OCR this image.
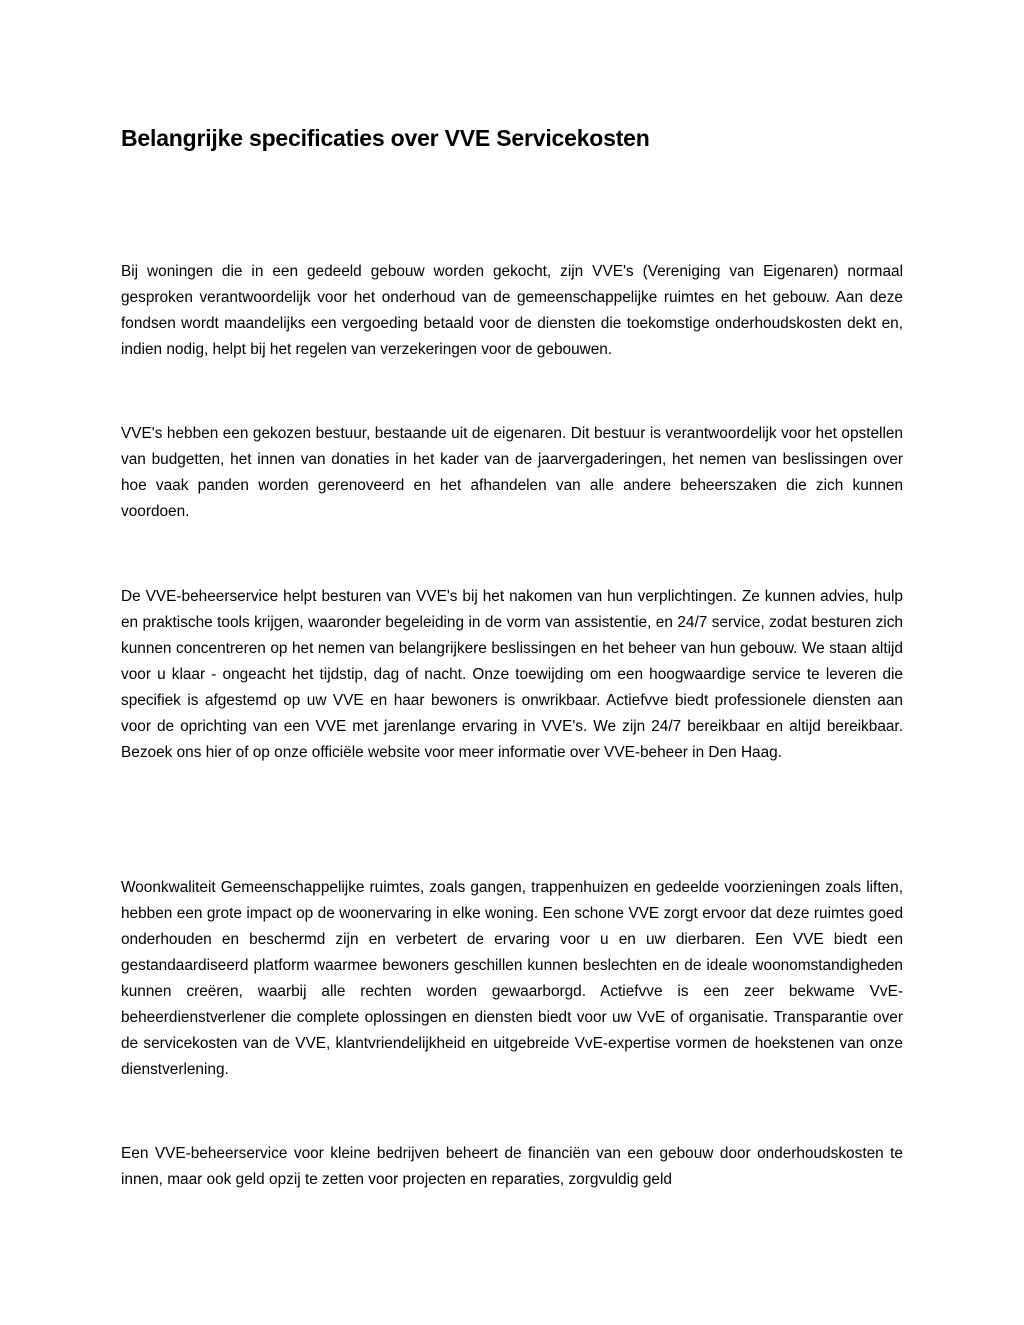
Belangrijke specificaties over VVE Servicekosten

Bij woningen die in een gedeeld gebouw worden gekocht, zijn VVE's (Vereniging van Eigenaren) normaal gesproken verantwoordelijk voor het onderhoud van de gemeenschappelijke ruimtes en het gebouw. Aan deze fondsen wordt maandelijks een vergoeding betaald voor de diensten die toekomstige onderhoudskosten dekt en, indien nodig, helpt bij het regelen van verzekeringen voor de gebouwen.

VVE's hebben een gekozen bestuur, bestaande uit de eigenaren. Dit bestuur is verantwoordelijk voor het opstellen van budgetten, het innen van donaties in het kader van de jaarvergaderingen, het nemen van beslissingen over hoe vaak panden worden gerenoveerd en het afhandelen van alle andere beheerszaken die zich kunnen voordoen.

De VVE-beheerservice helpt besturen van VVE's bij het nakomen van hun verplichtingen. Ze kunnen advies, hulp en praktische tools krijgen, waaronder begeleiding in de vorm van assistentie, en 24/7 service, zodat besturen zich kunnen concentreren op het nemen van belangrijkere beslissingen en het beheer van hun gebouw. We staan altijd voor u klaar - ongeacht het tijdstip, dag of nacht. Onze toewijding om een hoogwaardige service te leveren die specifiek is afgestemd op uw VVE en haar bewoners is onwrikbaar. Actiefvve biedt professionele diensten aan voor de oprichting van een VVE met jarenlange ervaring in VVE's. We zijn 24/7 bereikbaar en altijd bereikbaar. Bezoek ons hier of op onze officiële website voor meer informatie over VVE-beheer in Den Haag.

Woonkwaliteit Gemeenschappelijke ruimtes, zoals gangen, trappenhuizen en gedeelde voorzieningen zoals liften, hebben een grote impact op de woonervaring in elke woning. Een schone VVE zorgt ervoor dat deze ruimtes goed onderhouden en beschermd zijn en verbetert de ervaring voor u en uw dierbaren. Een VVE biedt een gestandaardiseerd platform waarmee bewoners geschillen kunnen beslechten en de ideale woonomstandigheden kunnen creëren, waarbij alle rechten worden gewaarborgd. Actiefvve is een zeer bekwame VvE-beheerdienstverlener die complete oplossingen en diensten biedt voor uw VvE of organisatie. Transparantie over de servicekosten van de VVE, klantvriendelijkheid en uitgebreide VvE-expertise vormen de hoekstenen van onze dienstverlening.

Een VVE-beheerservice voor kleine bedrijven beheert de financiën van een gebouw door onderhoudskosten te innen, maar ook geld opzij te zetten voor projecten en reparaties, zorgvuldig geld
